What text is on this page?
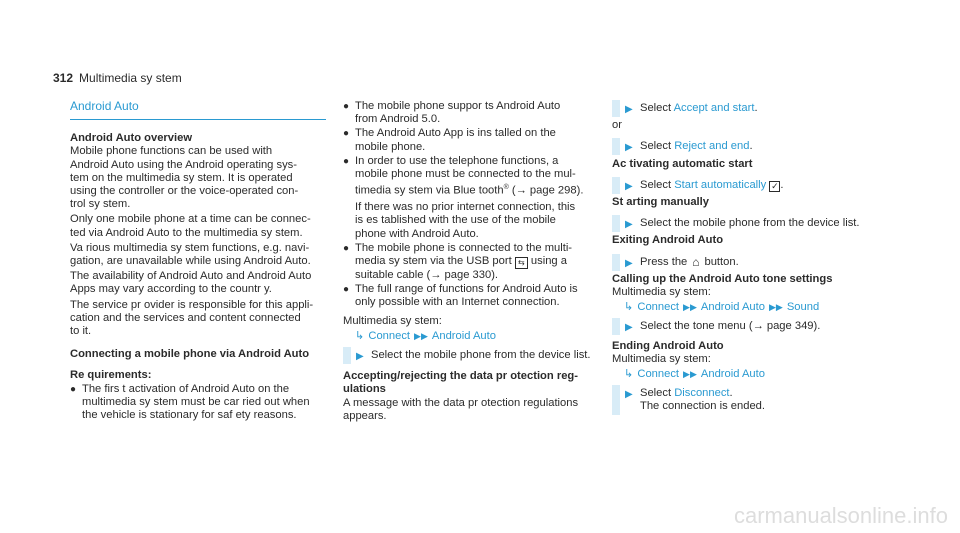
312 Multimedia sy stem
Android Auto
Android Auto overview

Mobile phone functions can be used with
Android Auto using the Android operating sys-
tem on the multimedia sy stem. It is operated
using the controller or the voice-operated con-
trol sy stem.

Only one mobile phone at a time can be connec-
ted via Android Auto to the multimedia sy stem.

Va rious multimedia sy stem functions, e.g. navi-
gation, are unavailable while using Android Auto.

The availability of Android Auto and Android Auto
Apps may vary according to the countr y.

The service pr ovider is responsible for this appli-
cation and the services and content connected
to it.

Connecting a mobile phone via Android Auto
Re quirements:
● The firs t activation of Android Auto on the
multimedia sy stem must be car ried out when
the vehicle is stationary for saf ety reasons.
● The mobile phone suppor ts Android Auto
from Android 5.0.
● The Android Auto App is ins talled on the
mobile phone.
● In order to use the telephone functions, a
mobile phone must be connected to the mul-
timedia sy stem via Blue tooth® (→ page 298).
If there was no prior internet connection, this
is es tablished with the use of the mobile
phone with Android Auto.
● The mobile phone is connected to the multi-
media sy stem via the USB port ⇆ using a
suitable cable (→ page 330).
● The full range of functions for Android Auto is
only possible with an Internet connection.

Multimedia sy stem:

↳ Connect ▶▶ Android Auto
▶ Select the mobile phone from the device list.
Accepting/rejecting the data pr otection reg-
ulations

A message with the data pr otection regulations
appears.

▶ Select Accept and start.

or

▶ Select Reject and end.
Ac tivating automatic start
▶ Select Start automatically ✓ .
St arting manually
▶ Select the mobile phone from the device list.
Exiting Android Auto
▶ Press the ⌂ button.
Calling up the Android Auto tone settings

Multimedia sy stem:

↳ Connect ▶▶ Android Auto ▶▶ Sound
▶ Select the tone menu (→ page 349).
Ending Android Auto

Multimedia sy stem:

↳ Connect ▶▶ Android Auto
▶ Select Disconnect.
The connection is ended.
carmanualsonline.info
